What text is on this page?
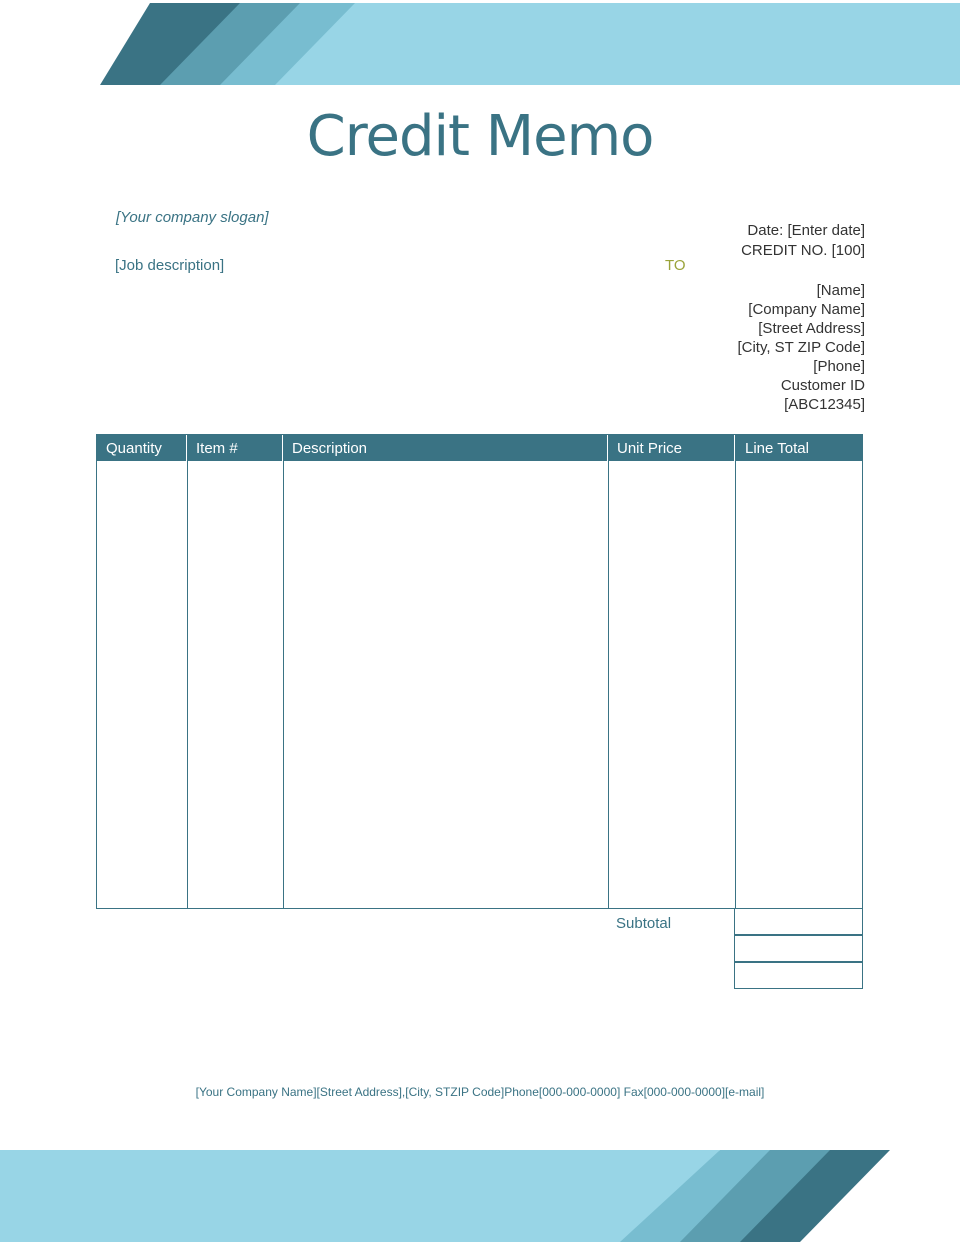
Credit Memo
[Your company slogan]
[Job description]	TO
Date: [Enter date]
CREDIT NO. [100]
[Name]
[Company Name]
[Street Address]
[City, ST ZIP Code]
[Phone]
Customer ID
[ABC12345]
Quantity	Item #	Description	Unit Price	Line Total
Subtotal
[Your Company Name][Street Address],[City, STZIP Code]Phone[000-000-0000] Fax[000-000-0000][e-mail]
